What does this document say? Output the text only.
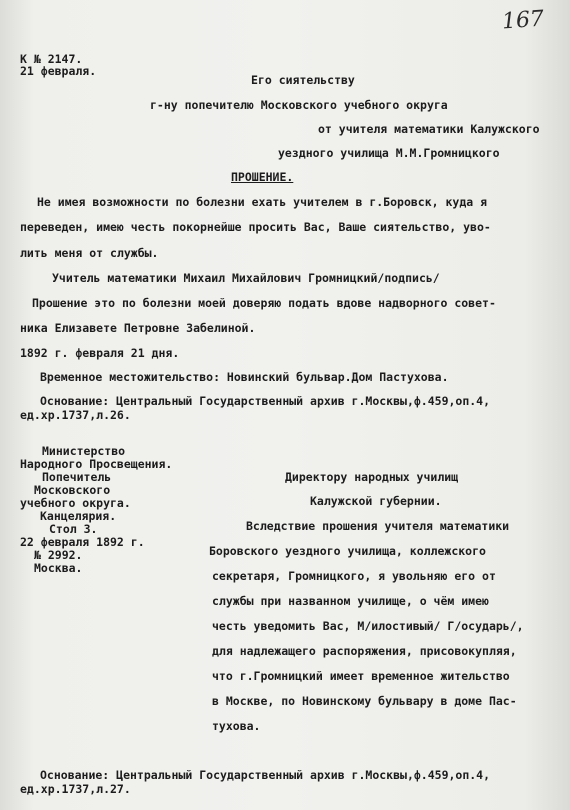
167
К № 2147.
21 февраля.
Его сиятельству
г-ну попечителю Московского учебного округа
от учителя математики Калужского
уездного училища М.М.Громницкого
ПРОШЕНИЕ.
Не имея возможности по болезни ехать учителем в г.Боровск, куда я
переведен, имею честь покорнейше просить Вас, Ваше сиятельство, уво-
лить меня от службы.
Учитель математики Михаил Михайлович Громницкий/подпись/
Прошение это по болезни моей доверяю подать вдове надворного совет-
ника Елизавете Петровне Забелиной.
1892 г. февраля 21 дня.
Временное местожительство: Новинский бульвар.Дом Пастухова.
Основание: Центральный Государственный архив г.Москвы,ф.459,оп.4,
ед.хр.1737,л.26.
Министерство
Народного Просвещения.
Попечитель
Московского
учебного округа.
Канцелярия.
Стол 3.
22 февраля 1892 г.
№ 2992.
Москва.
Директору народных училищ
Калужской губернии.
Вследствие прошения учителя математики
Боровского уездного училища, коллежского
секретаря, Громницкого, я увольняю его от
службы при названном училище, о чём имею
честь уведомить Вас, М/илостивый/ Г/осударь/,
для надлежащего распоряжения, присовокупляя,
что г.Громницкий имеет временное жительство
в Москве, по Новинскому бульвару в доме Пас-
тухова.
Основание: Центральный Государственный архив г.Москвы,ф.459,оп.4,
ед.хр.1737,л.27.
